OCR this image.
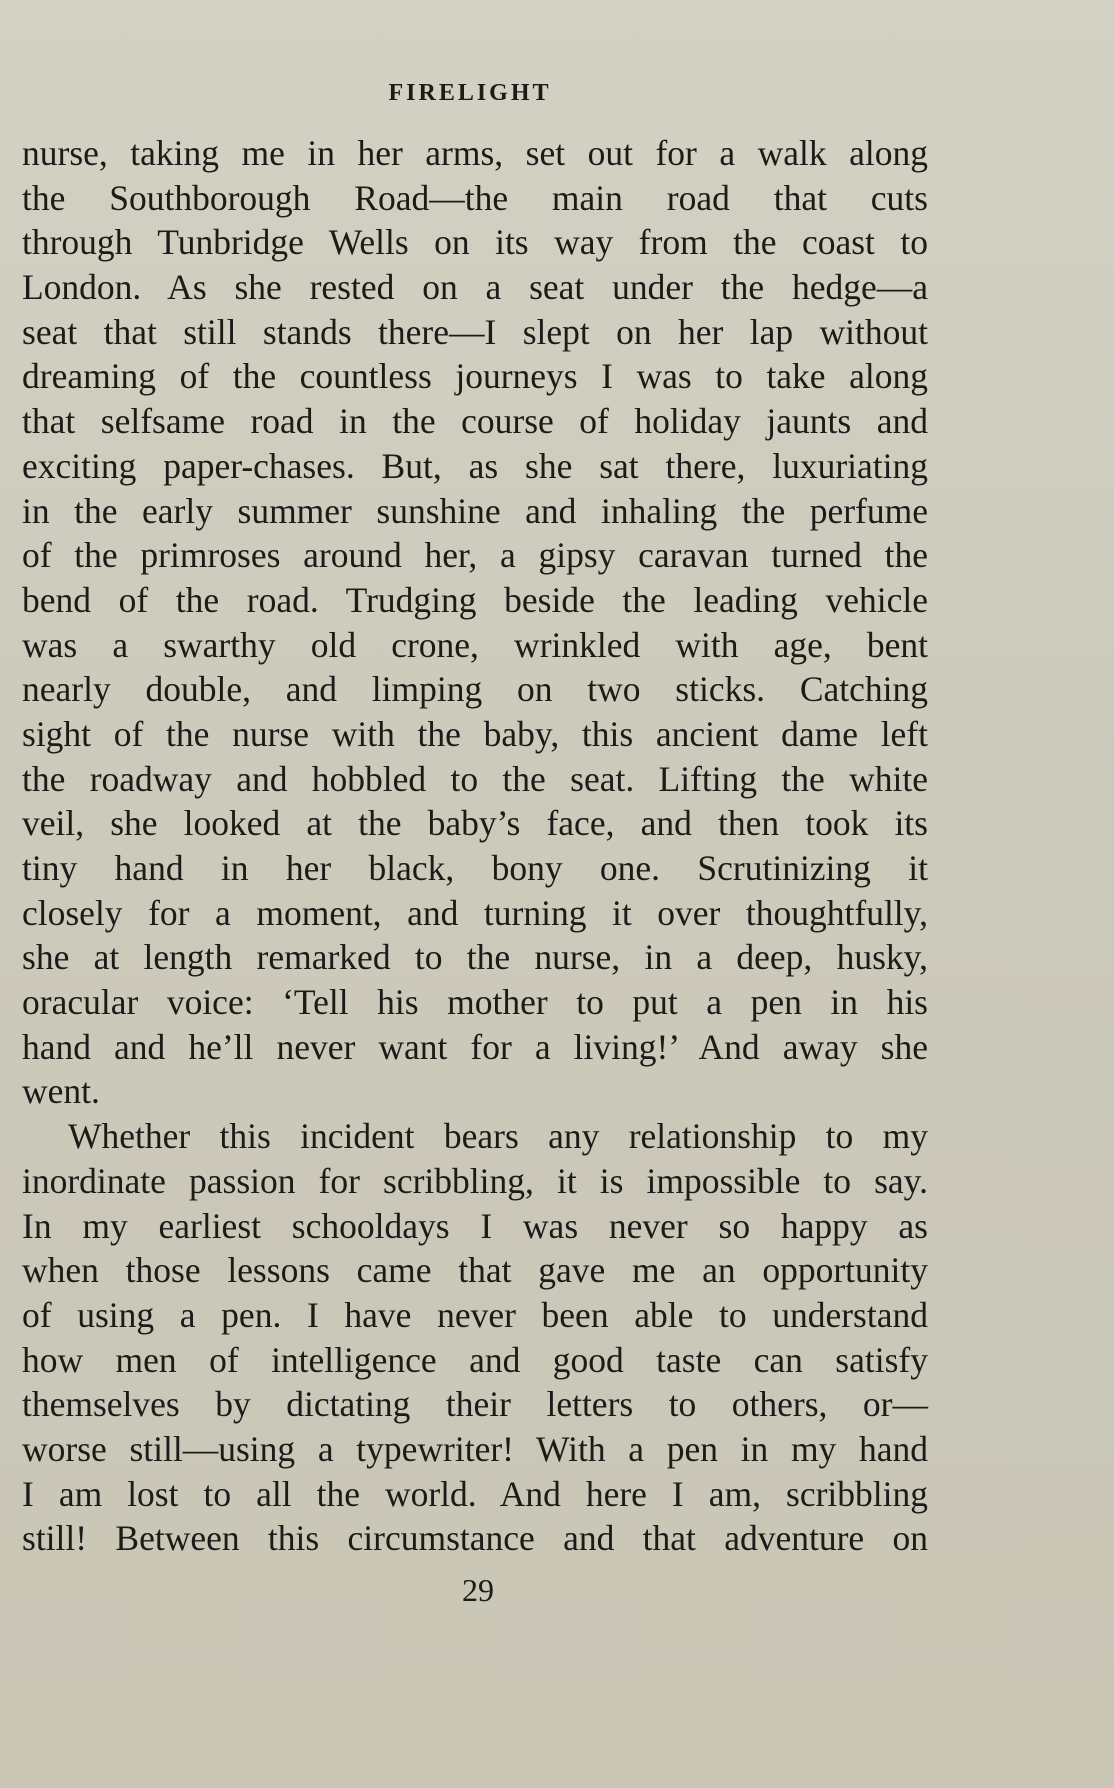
FIRELIGHT
nurse, taking me in her arms, set out for a walk along
the Southborough Road—the main road that cuts
through Tunbridge Wells on its way from the coast to
London. As she rested on a seat under the hedge—a
seat that still stands there—I slept on her lap without
dreaming of the countless journeys I was to take along
that selfsame road in the course of holiday jaunts and
exciting paper-chases. But, as she sat there, luxuriating
in the early summer sunshine and inhaling the perfume
of the primroses around her, a gipsy caravan turned the
bend of the road. Trudging beside the leading vehicle
was a swarthy old crone, wrinkled with age, bent
nearly double, and limping on two sticks. Catching
sight of the nurse with the baby, this ancient dame left
the roadway and hobbled to the seat. Lifting the white
veil, she looked at the baby’s face, and then took its
tiny hand in her black, bony one. Scrutinizing it
closely for a moment, and turning it over thoughtfully,
she at length remarked to the nurse, in a deep, husky,
oracular voice: ‘Tell his mother to put a pen in his
hand and he’ll never want for a living!’ And away she
went.
Whether this incident bears any relationship to my
inordinate passion for scribbling, it is impossible to say.
In my earliest schooldays I was never so happy as
when those lessons came that gave me an opportunity
of using a pen. I have never been able to understand
how men of intelligence and good taste can satisfy
themselves by dictating their letters to others, or—
worse still—using a typewriter! With a pen in my hand
I am lost to all the world. And here I am, scribbling
still! Between this circumstance and that adventure on
29
